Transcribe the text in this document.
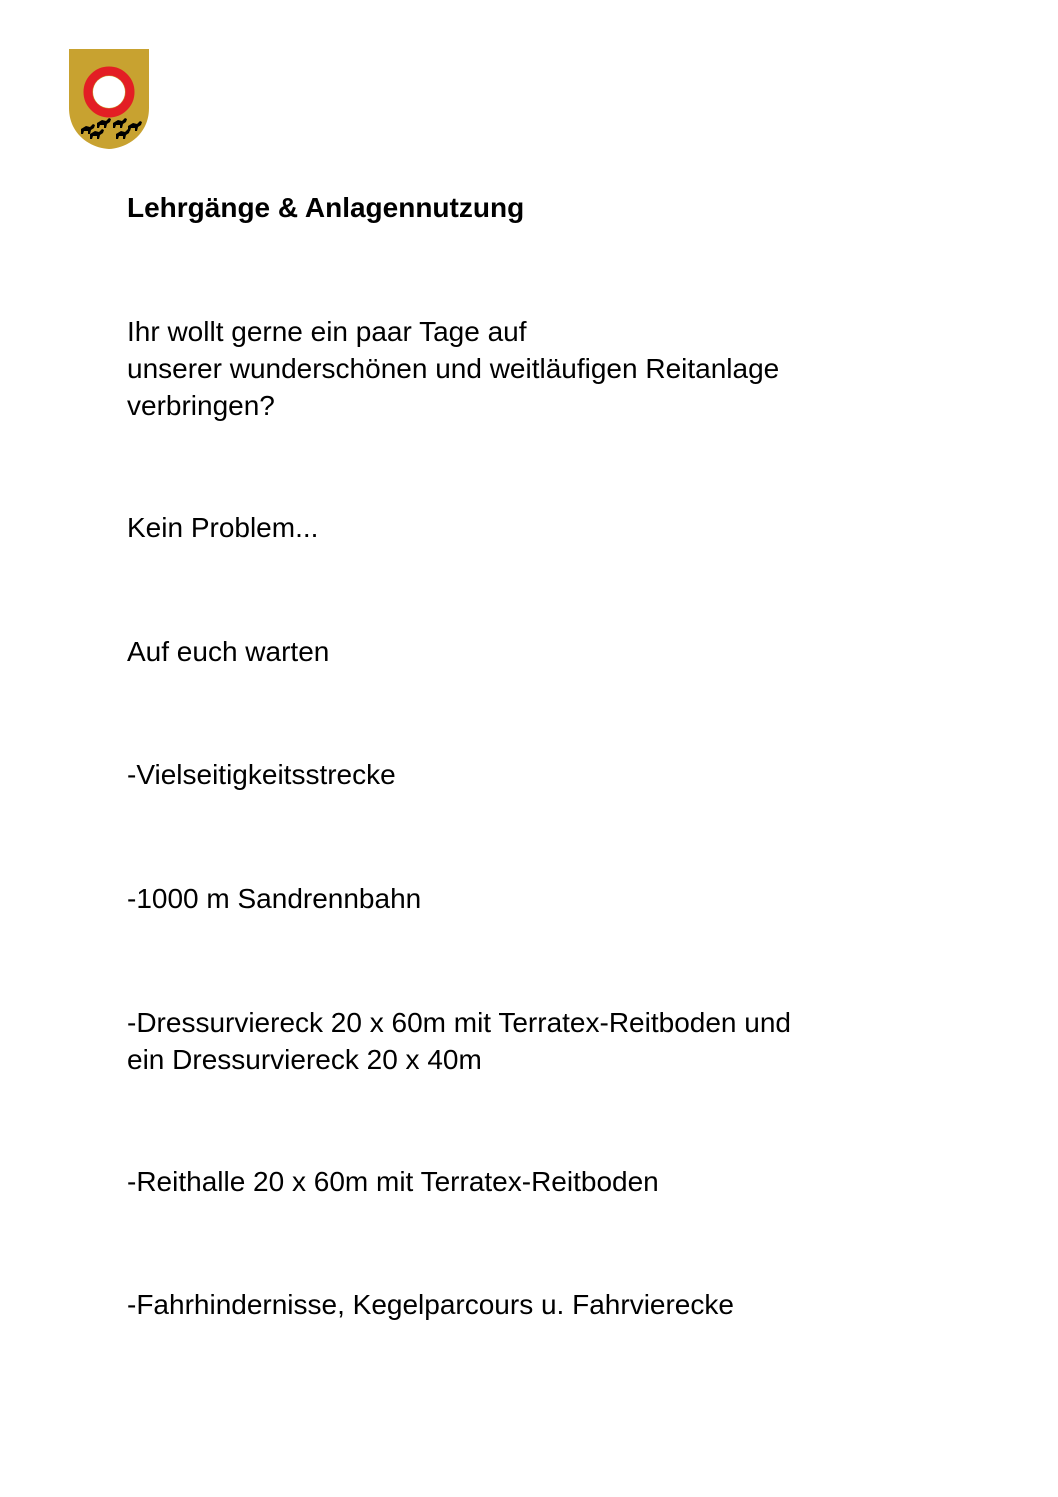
Lehrgänge & Anlagennutzung
Ihr wollt gerne ein paar Tage auf
unserer wunderschönen und weitläufigen Reitanlage
verbringen?
Kein Problem...
Auf euch warten
-Vielseitigkeitsstrecke
-1000 m Sandrennbahn
-Dressurviereck 20 x 60m mit Terratex-Reitboden und
ein Dressurviereck 20 x 40m
-Reithalle 20 x 60m mit Terratex-Reitboden
-Fahrhindernisse, Kegelparcours u. Fahrvierecke
